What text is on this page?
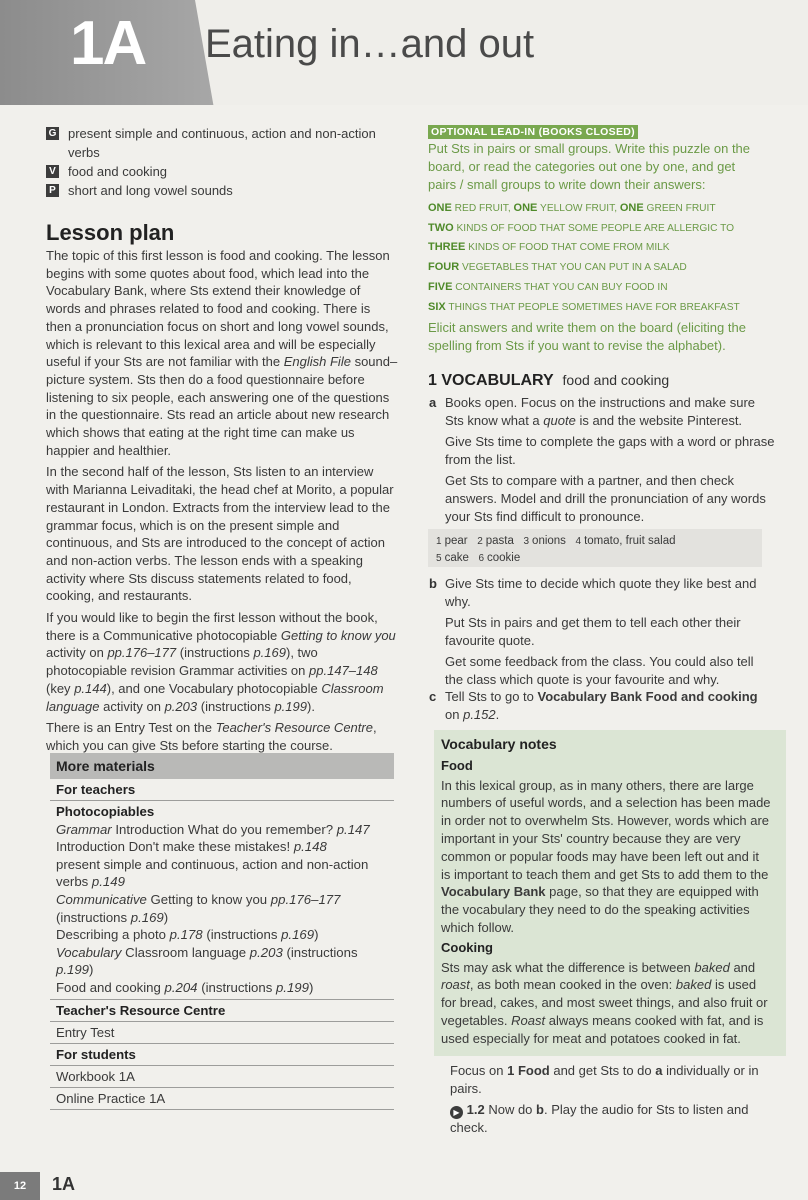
1A Eating in…and out
G present simple and continuous, action and non-action verbs
V food and cooking
P short and long vowel sounds
Lesson plan

The topic of this first lesson is food and cooking. The lesson begins with some quotes about food, which lead into the Vocabulary Bank, where Sts extend their knowledge of words and phrases related to food and cooking. There is then a pronunciation focus on short and long vowel sounds, which is relevant to this lexical area and will be especially useful if your Sts are not familiar with the English File sound–picture system. Sts then do a food questionnaire before listening to six people, each answering one of the questions in the questionnaire. Sts read an article about new research which shows that eating at the right time can make us happier and healthier.

In the second half of the lesson, Sts listen to an interview with Marianna Leivaditaki, the head chef at Morito, a popular restaurant in London. Extracts from the interview lead to the grammar focus, which is on the present simple and continuous, and Sts are introduced to the concept of action and non-action verbs. The lesson ends with a speaking activity where Sts discuss statements related to food, cooking, and restaurants.

If you would like to begin the first lesson without the book, there is a Communicative photocopiable Getting to know you activity on pp.176–177 (instructions p.169), two photocopiable revision Grammar activities on pp.147–148 (key p.144), and one Vocabulary photocopiable Classroom language activity on p.203 (instructions p.199).

There is an Entry Test on the Teacher's Resource Centre, which you can give Sts before starting the course.

More materials
For teachers
Photocopiables
Grammar Introduction What do you remember? p.147
Introduction Don't make these mistakes! p.148
present simple and continuous, action and non-action verbs p.149
Communicative Getting to know you pp.176–177
(instructions p.169)
Describing a photo p.178 (instructions p.169)
Vocabulary Classroom language p.203 (instructions p.199)
Food and cooking p.204 (instructions p.199)
Teacher's Resource Centre
Entry Test
For students
Workbook 1A
Online Practice 1A
OPTIONAL LEAD-IN (BOOKS CLOSED)
Put Sts in pairs or small groups. Write this puzzle on the board, or read the categories out one by one, and get pairs / small groups to write down their answers:
ONE RED FRUIT, ONE YELLOW FRUIT, ONE GREEN FRUIT
TWO KINDS OF FOOD THAT SOME PEOPLE ARE ALLERGIC TO
THREE KINDS OF FOOD THAT COME FROM MILK
FOUR VEGETABLES THAT YOU CAN PUT IN A SALAD
FIVE CONTAINERS THAT YOU CAN BUY FOOD IN
SIX THINGS THAT PEOPLE SOMETIMES HAVE FOR BREAKFAST
Elicit answers and write them on the board (eliciting the spelling from Sts if you want to revise the alphabet).
1 VOCABULARY food and cooking
a Books open. Focus on the instructions and make sure Sts know what a quote is and the website Pinterest.
Give Sts time to complete the gaps with a word or phrase from the list.
Get Sts to compare with a partner, and then check answers. Model and drill the pronunciation of any words your Sts find difficult to pronounce.
1 pear 2 pasta 3 onions 4 tomato, fruit salad
5 cake 6 cookie
b Give Sts time to decide which quote they like best and why.
Put Sts in pairs and get them to tell each other their favourite quote.
Get some feedback from the class. You could also tell the class which quote is your favourite and why.
c Tell Sts to go to Vocabulary Bank Food and cooking on p.152.
Vocabulary notes
Food

In this lexical group, as in many others, there are large numbers of useful words, and a selection has been made in order not to overwhelm Sts. However, words which are important in your Sts' country because they are very common or popular foods may have been left out and it is important to teach them and get Sts to add them to the Vocabulary Bank page, so that they are equipped with the vocabulary they need to do the speaking activities which follow.

Cooking

Sts may ask what the difference is between baked and roast, as both mean cooked in the oven: baked is used for bread, cakes, and most sweet things, and also fruit or vegetables. Roast always means cooked with fat, and is used especially for meat and potatoes cooked in fat.

Focus on 1 Food and get Sts to do a individually or in pairs.
▶ 1.2 Now do b. Play the audio for Sts to listen and check.
12	1A
